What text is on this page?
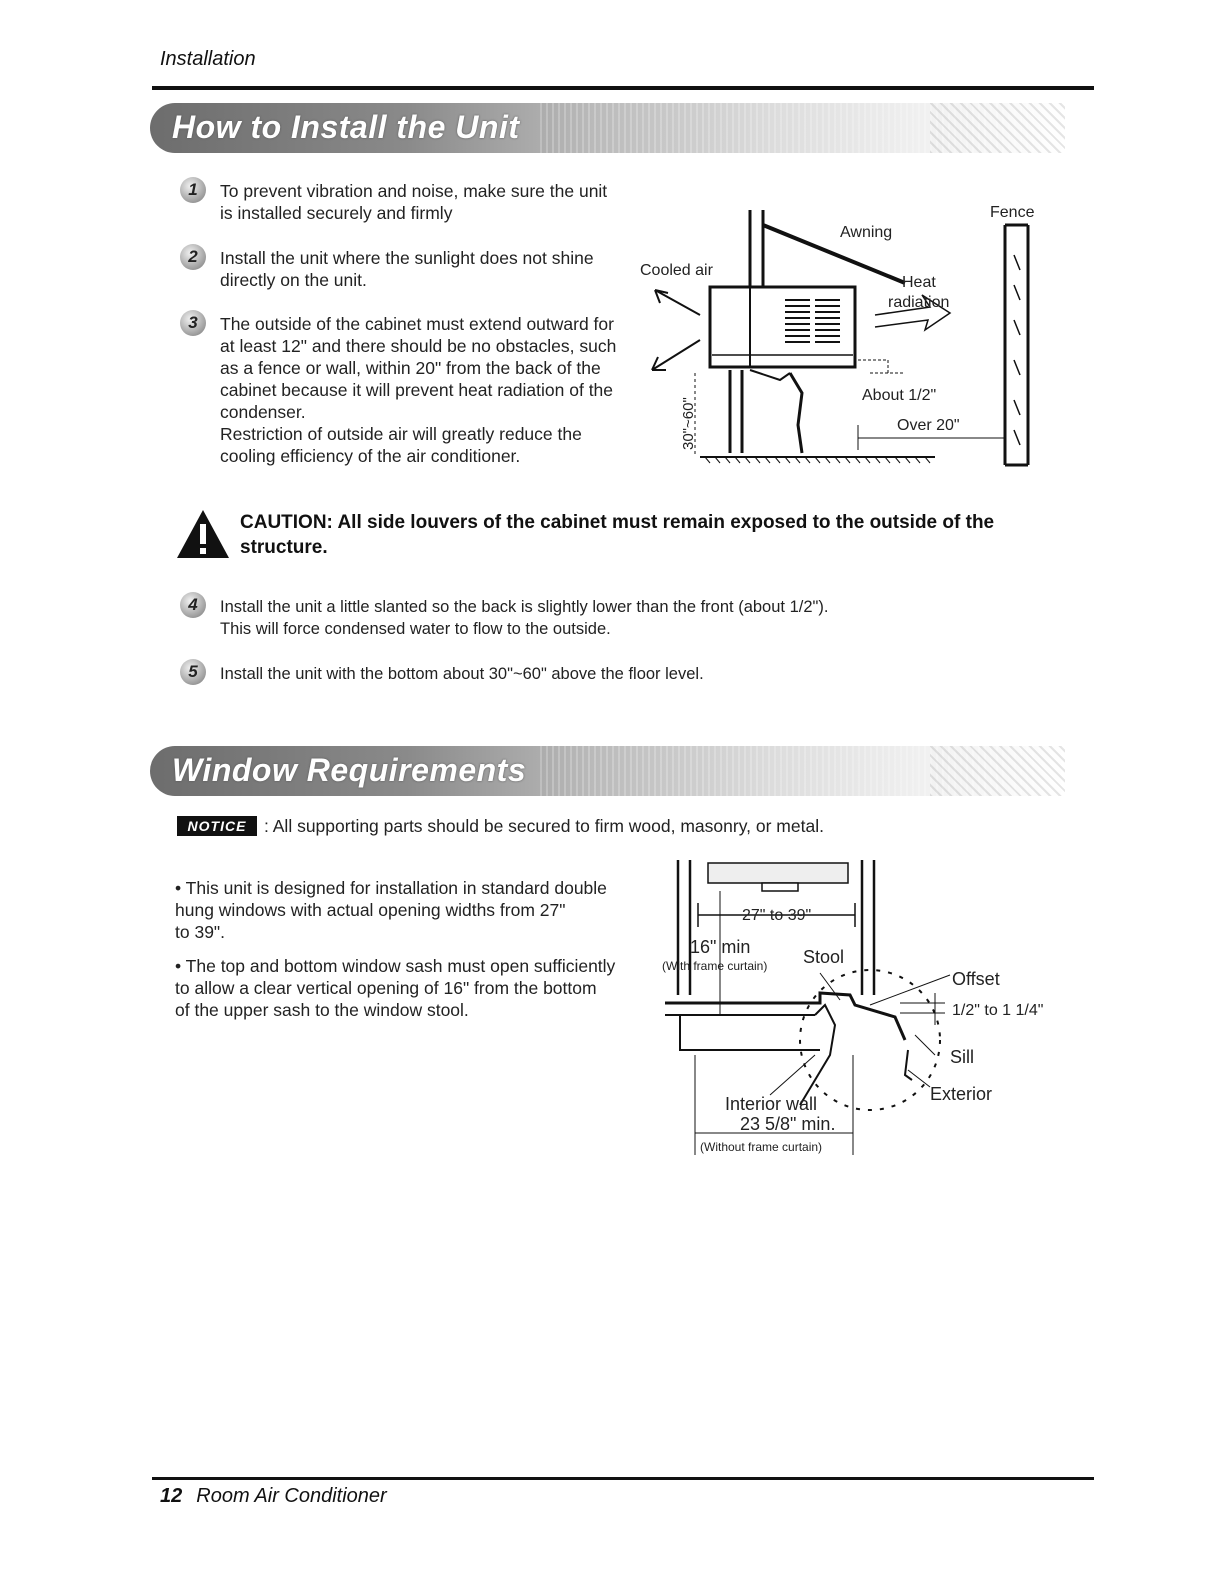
Installation
How to Install the Unit
1	To prevent vibration and noise, make sure the unit
is installed securely and firmly
2	Install the unit where the sunlight does not shine
directly on the unit.
3	The outside of the cabinet must extend outward for
at least 12" and there should be no obstacles, such
as a fence or wall, within 20" from the back of the
cabinet because it will prevent heat radiation of the
condenser.
Restriction of outside air will greatly reduce the
cooling efficiency of the air conditioner.
Fence
Awning
Cooled air
Heat
radiation
About 1/2"
Over 20"
30"~60"
CAUTION: All side louvers of the cabinet must remain exposed to the outside of the structure.
4	Install the unit a little slanted so the back is slightly lower than the front (about 1/2").
This will force condensed water to flow to the outside.
5	Install the unit with the bottom about 30"~60" above the floor level.
Window Requirements
NOTICE	: All supporting parts should be secured to firm wood, masonry, or metal.
• This unit is designed for installation in standard double
hung windows with actual opening widths from 27"
to 39".
• The top and bottom window sash must open sufficiently
to allow a clear vertical opening of 16" from the bottom
of the upper sash to the window stool.
27" to 39"
16" min
(With frame curtain) Stool
Offset
1/2" to 1 1/4"
Sill
Exterior
Interior wall
23 5/8" min.
(Without frame curtain)
12 Room Air Conditioner
